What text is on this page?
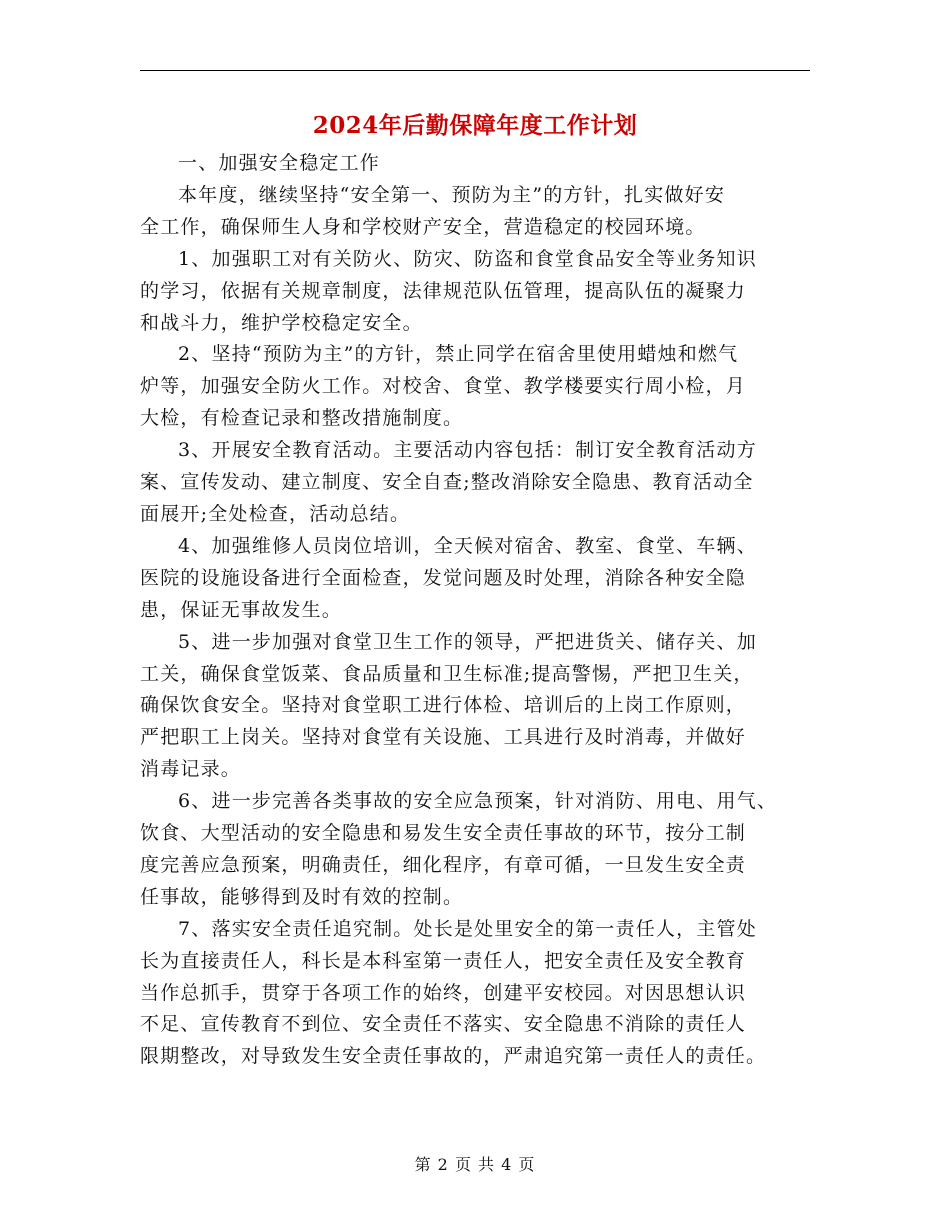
2024年后勤保障年度工作计划

一、加强安全稳定工作

本年度，继续坚持“安全第一、预防为主”的方针，扎实做好安
全工作，确保师生人身和学校财产安全，营造稳定的校园环境。

1、加强职工对有关防火、防灾、防盗和食堂食品安全等业务知识
的学习，依据有关规章制度，法律规范队伍管理，提高队伍的凝聚力
和战斗力，维护学校稳定安全。

2、坚持“预防为主”的方针，禁止同学在宿舍里使用蜡烛和燃气
炉等，加强安全防火工作。对校舍、食堂、教学楼要实行周小检，月
大检，有检查记录和整改措施制度。

3、开展安全教育活动。主要活动内容包括：制订安全教育活动方
案、宣传发动、建立制度、安全自查;整改消除安全隐患、教育活动全
面展开;全处检查，活动总结。

4、加强维修人员岗位培训，全天候对宿舍、教室、食堂、车辆、
医院的设施设备进行全面检查，发觉问题及时处理，消除各种安全隐
患，保证无事故发生。

5、进一步加强对食堂卫生工作的领导，严把进货关、储存关、加
工关，确保食堂饭菜、食品质量和卫生标准;提高警惕，严把卫生关，
确保饮食安全。坚持对食堂职工进行体检、培训后的上岗工作原则，
严把职工上岗关。坚持对食堂有关设施、工具进行及时消毒，并做好
消毒记录。

6、进一步完善各类事故的安全应急预案，针对消防、用电、用气、
饮食、大型活动的安全隐患和易发生安全责任事故的环节，按分工制
度完善应急预案，明确责任，细化程序，有章可循，一旦发生安全责
任事故，能够得到及时有效的控制。

7、落实安全责任追究制。处长是处里安全的第一责任人，主管处
长为直接责任人，科长是本科室第一责任人，把安全责任及安全教育
当作总抓手，贯穿于各项工作的始终，创建平安校园。对因思想认识
不足、宣传教育不到位、安全责任不落实、安全隐患不消除的责任人
限期整改，对导致发生安全责任事故的，严肃追究第一责任人的责任。

第 2 页 共 4 页
